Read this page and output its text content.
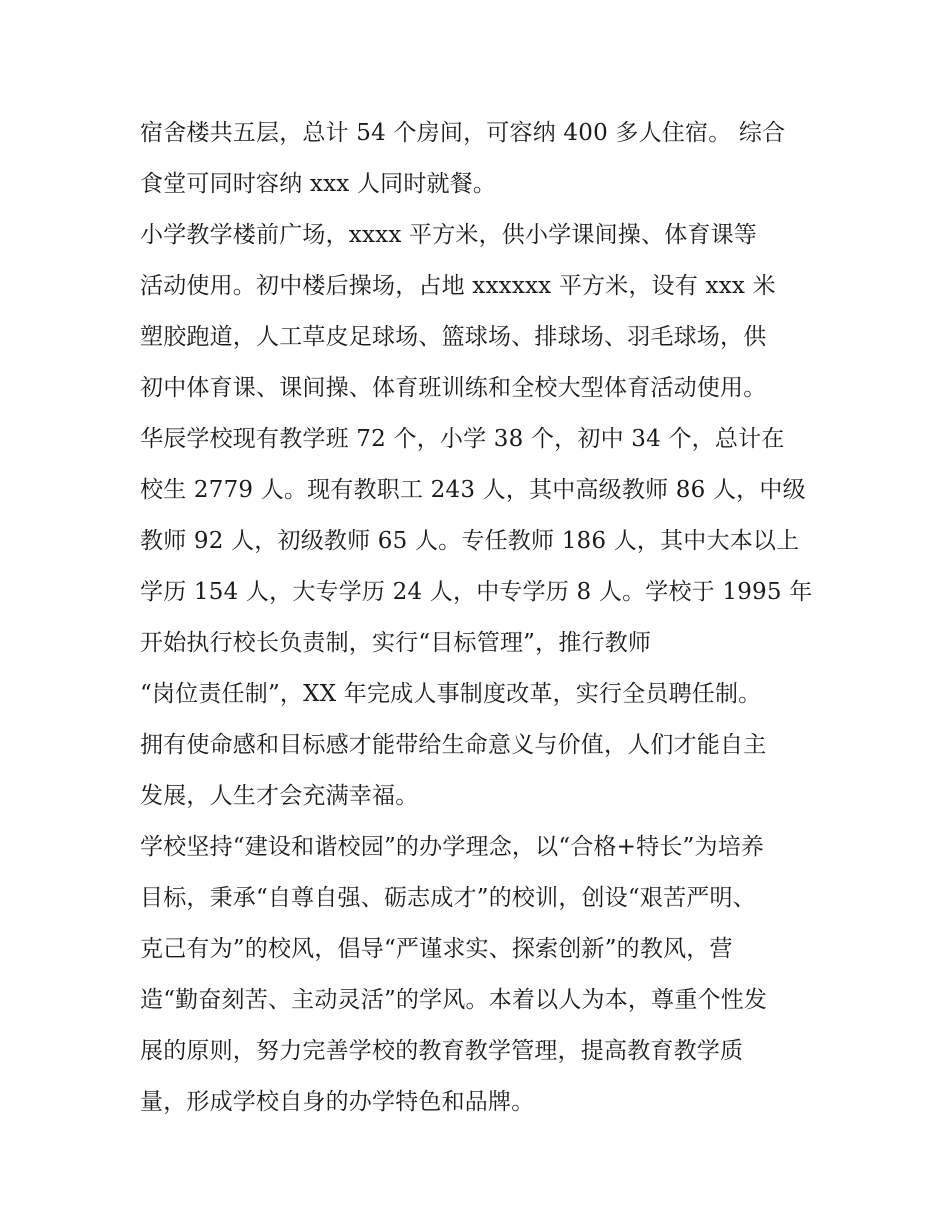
宿舍楼共五层，总计 54 个房间，可容纳 400 多人住宿。 综合
食堂可同时容纳 xxx 人同时就餐。
小学教学楼前广场，xxxx 平方米，供小学课间操、体育课等
活动使用。初中楼后操场，占地 xxxxxx 平方米，设有 xxx 米
塑胶跑道，人工草皮足球场、篮球场、排球场、羽毛球场，供
初中体育课、课间操、体育班训练和全校大型体育活动使用。
华辰学校现有教学班 72 个，小学 38 个，初中 34 个，总计在
校生 2779 人。现有教职工 243 人，其中高级教师 86 人，中级
教师 92 人，初级教师 65 人。专任教师 186 人，其中大本以上
学历 154 人，大专学历 24 人，中专学历 8 人。学校于 1995 年
开始执行校长负责制，实行“目标管理”，推行教师
“岗位责任制”，XX 年完成人事制度改革，实行全员聘任制。
拥有使命感和目标感才能带给生命意义与价值，人们才能自主
发展，人生才会充满幸福。
学校坚持“建设和谐校园”的办学理念，以“合格+特长”为培养
目标，秉承“自尊自强、砺志成才”的校训，创设“艰苦严明、
克己有为”的校风，倡导“严谨求实、探索创新”的教风，营
造“勤奋刻苦、主动灵活”的学风。本着以人为本，尊重个性发
展的原则，努力完善学校的教育教学管理，提高教育教学质
量，形成学校自身的办学特色和品牌。
